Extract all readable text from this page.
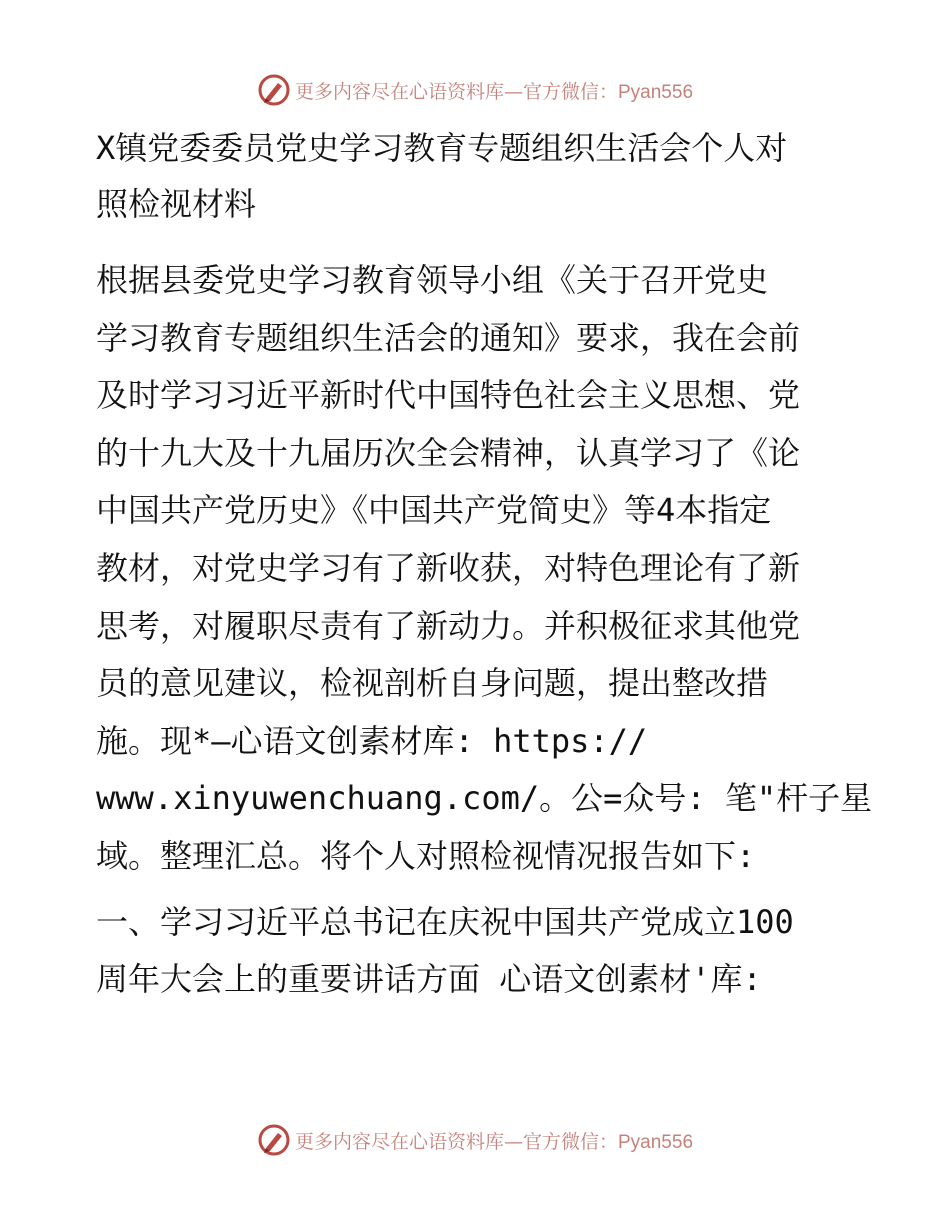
更多内容尽在心语资料库—官方微信：Pyan556
X镇党委委员党史学习教育专题组织生活会个人对
照检视材料
根据县委党史学习教育领导小组《关于召开党史
学习教育专题组织生活会的通知》要求，我在会前
及时学习习近平新时代中国特色社会主义思想、党
的十九大及十九届历次全会精神，认真学习了《论
中国共产党历史》《中国共产党简史》等4本指定
教材，对党史学习有了新收获，对特色理论有了新
思考，对履职尽责有了新动力。并积极征求其他党
员的意见建议，检视剖析自身问题，提出整改措
施。现*—心语文创素材库: https://
www.xinyuwenchuang.com/。公=众号: 笔"杆子星
域。整理汇总。将个人对照检视情况报告如下:
一、学习习近平总书记在庆祝中国共产党成立100
周年大会上的重要讲话方面 心语文创素材'库:
更多内容尽在心语资料库—官方微信：Pyan556
